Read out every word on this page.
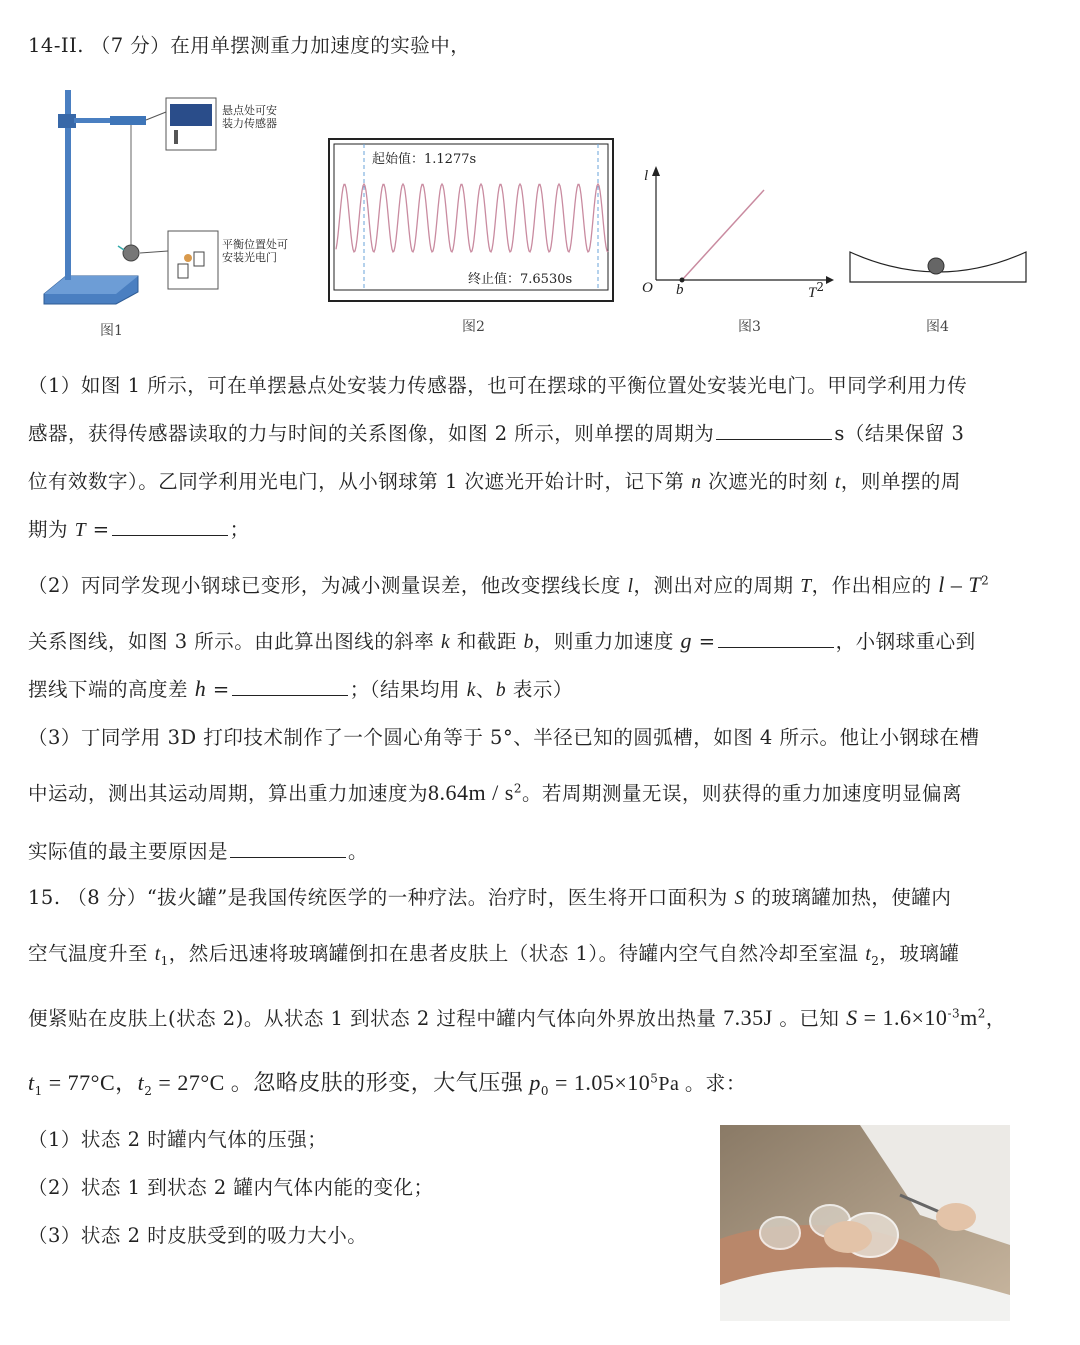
14-II. （7 分）在用单摆测重力加速度的实验中，
悬点处可安
装力传感器
平衡位置处可
安装光电门
图1
起始值：1.1277s
终止值：7.6530s
图2
l
O b	$T^2$
图3	图4
（1）如图 1 所示，可在单摆悬点处安装力传感器，也可在摆球的平衡位置处安装光电门。甲同学利用力传
感器，获得传感器读取的力与时间的关系图像，如图 2 所示，则单摆的周期为	s（结果保留 3
位有效数字）。乙同学利用光电门，从小钢球第 1 次遮光开始计时，记下第 n 次遮光的时刻 t，则单摆的周
期为 T =	；
（2）丙同学发现小钢球已变形，为减小测量误差，他改变摆线长度 l，测出对应的周期 T，作出相应的 l – $T^2$
关系图线，如图 3 所示。由此算出图线的斜率 k 和截距 b，则重力加速度 g =	，小钢球重心到
摆线下端的高度差 h =	；（结果均用 k、b 表示）
（3）丁同学用 3D 打印技术制作了一个圆心角等于 5°、半径已知的圆弧槽，如图 4 所示。他让小钢球在槽
中运动，测出其运动周期，算出重力加速度为$8.64m / s^2$。若周期测量无误，则获得的重力加速度明显偏离
实际值的最主要原因是	。
15. （8 分）“拔火罐”是我国传统医学的一种疗法。治疗时，医生将开口面积为 S 的玻璃罐加热，使罐内
空气温度升至 $t_1$，然后迅速将玻璃罐倒扣在患者皮肤上（状态 1）。待罐内空气自然冷却至室温 $t_2$，玻璃罐
便紧贴在皮肤上(状态 2)。从状态 1 到状态 2 过程中罐内气体向外界放出热量 7.35J 。已知 $S = 1.6\times 10^{-3}m^2$，
$t_1 = 77^\circ C$，$t_2 = 27^\circ C$ 。忽略皮肤的形变，大气压强 $p_0 = 1.05\times 10^5Pa$ 。求：
（1）状态 2 时罐内气体的压强；
（2）状态 1 到状态 2 罐内气体内能的变化；
（3）状态 2 时皮肤受到的吸力大小。
